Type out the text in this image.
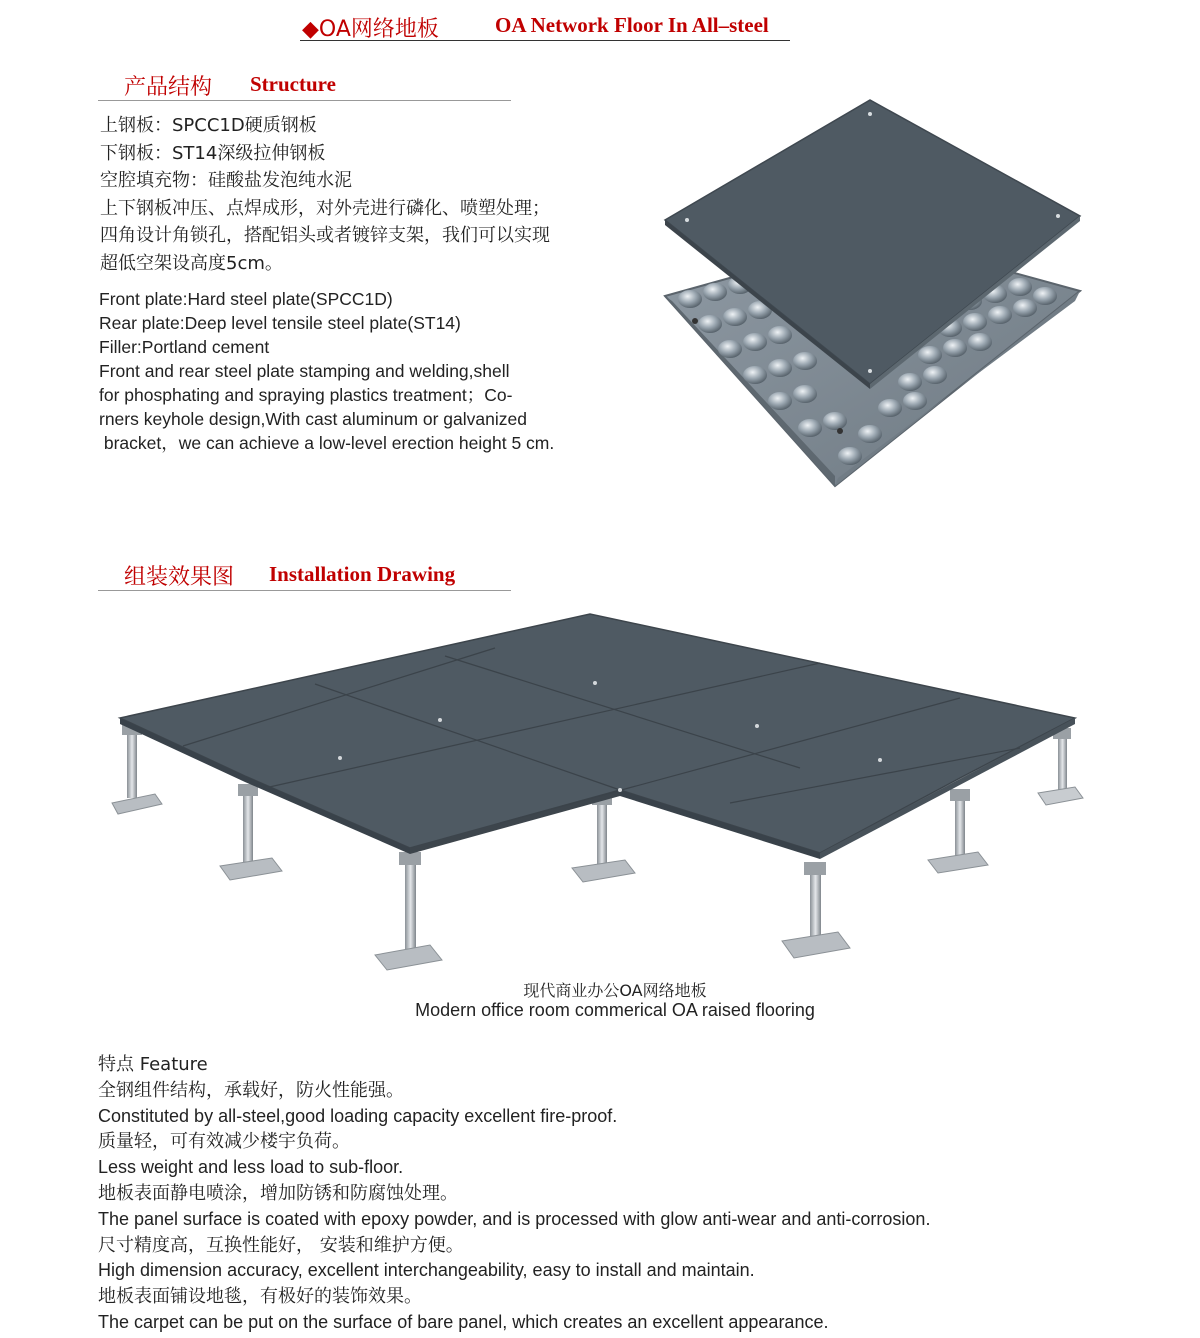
◆OA网络地板	OA Network Floor In All–steel
产品结构 Structure
上钢板：SPCC1D硬质钢板
下钢板：ST14深级拉伸钢板
空腔填充物：硅酸盐发泡纯水泥
上下钢板冲压、点焊成形，对外壳进行磷化、喷塑处理；
四角设计角锁孔，搭配铝头或者镀锌支架，我们可以实现
超低空架设高度5cm。
Front plate:Hard steel plate(SPCC1D)
Rear plate:Deep level tensile steel plate(ST14)
Filler:Portland cement
Front and rear steel plate stamping and welding,shell
for phosphating and spraying plastics treatment；Co-
rners keyhole design,With cast aluminum or galvanized
bracket，we can achieve a low-level erection height 5 cm.
组装效果图 Installation Drawing
现代商业办公OA网络地板
Modern office room commerical OA raised flooring
特点 Feature
全钢组件结构，承载好，防火性能强。
Constituted by all-steel,good loading capacity excellent fire-proof.
质量轻，可有效减少楼宇负荷。
Less weight and less load to sub-floor.
地板表面静电喷涂，增加防锈和防腐蚀处理。
The panel surface is coated with epoxy powder, and is processed with glow anti-wear and anti-corrosion.
尺寸精度高，互换性能好， 安装和维护方便。
High dimension accuracy, excellent interchangeability, easy to install and maintain.
地板表面铺设地毯，有极好的装饰效果。
The carpet can be put on the surface of bare panel, which creates an excellent appearance.
